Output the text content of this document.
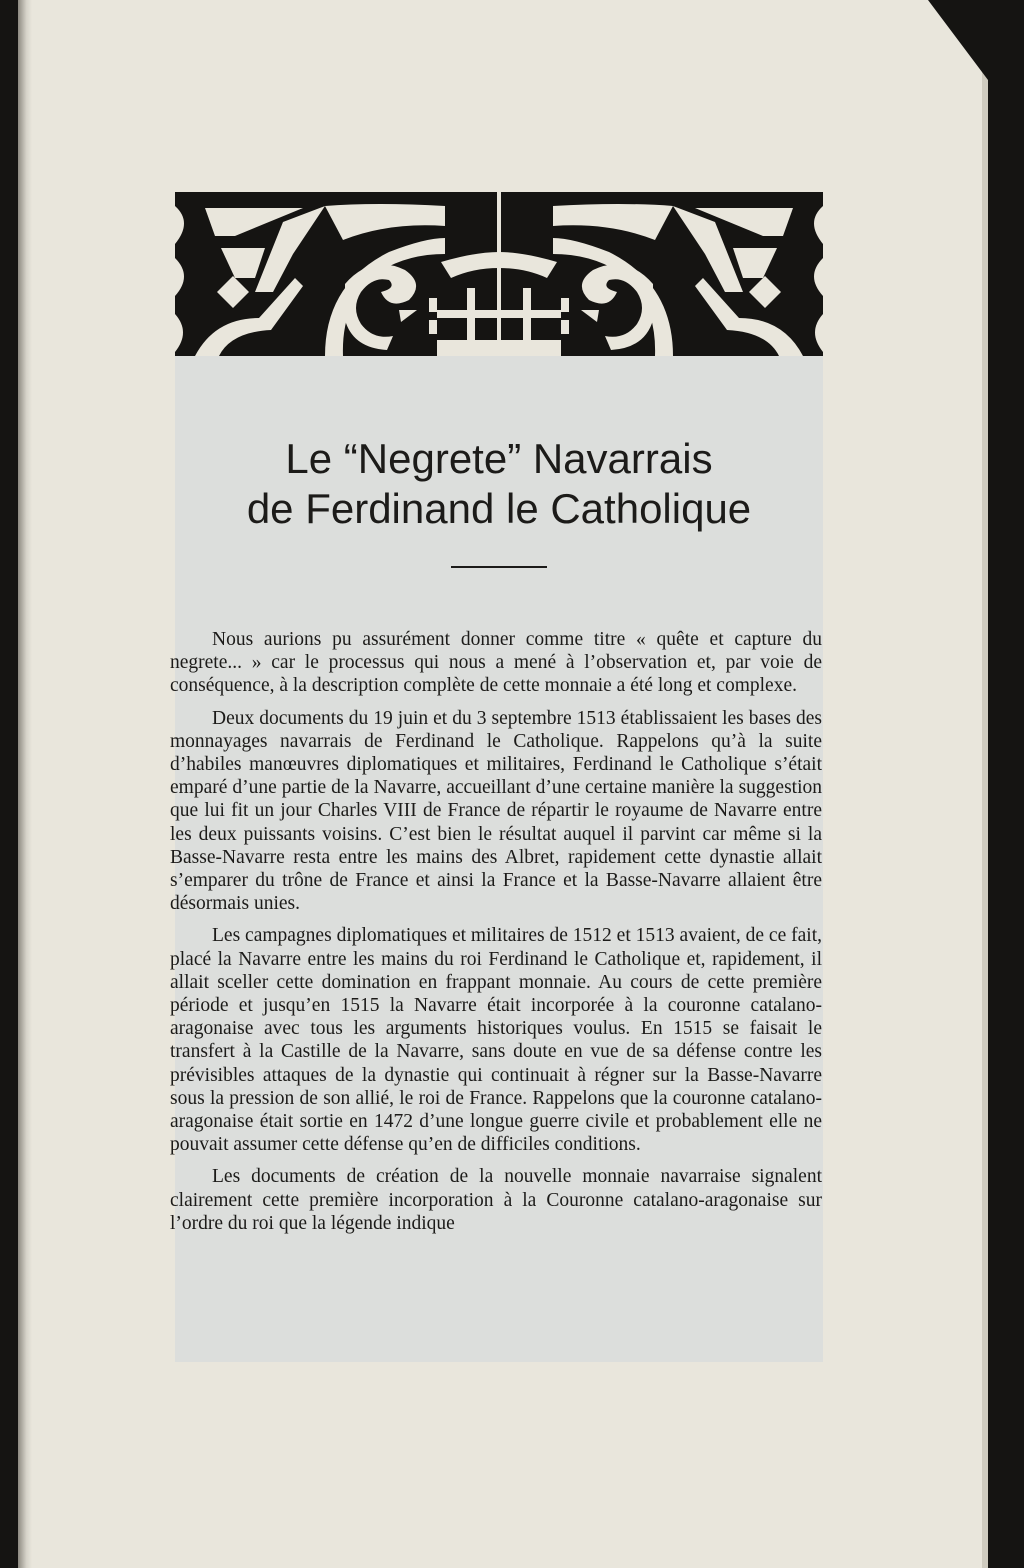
Le “Negrete” Navarrais
de Ferdinand le Catholique

Nous aurions pu assurément donner comme titre « quête et capture du negrete... » car le processus qui nous a mené à l’observation et, par voie de conséquence, à la description complète de cette monnaie a été long et complexe.

Deux documents du 19 juin et du 3 septembre 1513 établissaient les bases des monnayages navarrais de Ferdinand le Catholique. Rappelons qu’à la suite d’habiles manœuvres diplomatiques et militaires, Ferdinand le Catholique s’était emparé d’une partie de la Navarre, accueillant d’une certaine manière la suggestion que lui fit un jour Charles VIII de France de répartir le royaume de Navarre entre les deux puissants voisins. C’est bien le résultat auquel il parvint car même si la Basse-Navarre resta entre les mains des Albret, rapidement cette dynastie allait s’emparer du trône de France et ainsi la France et la Basse-Navarre allaient être désormais unies.

Les campagnes diplomatiques et militaires de 1512 et 1513 avaient, de ce fait, placé la Navarre entre les mains du roi Ferdinand le Catholique et, rapidement, il allait sceller cette domination en frappant monnaie. Au cours de cette première période et jusqu’en 1515 la Navarre était incorporée à la couronne catalano-aragonaise avec tous les arguments historiques voulus. En 1515 se faisait le transfert à la Castille de la Navarre, sans doute en vue de sa défense contre les prévisibles attaques de la dynastie qui continuait à régner sur la Basse-Navarre sous la pression de son allié, le roi de France. Rappelons que la couronne catalano-aragonaise était sortie en 1472 d’une longue guerre civile et probablement elle ne pouvait assumer cette défense qu’en de difficiles conditions.

Les documents de création de la nouvelle monnaie navarraise signalent clairement cette première incorporation à la Couronne catalano-aragonaise sur l’ordre du roi que la légende indique
